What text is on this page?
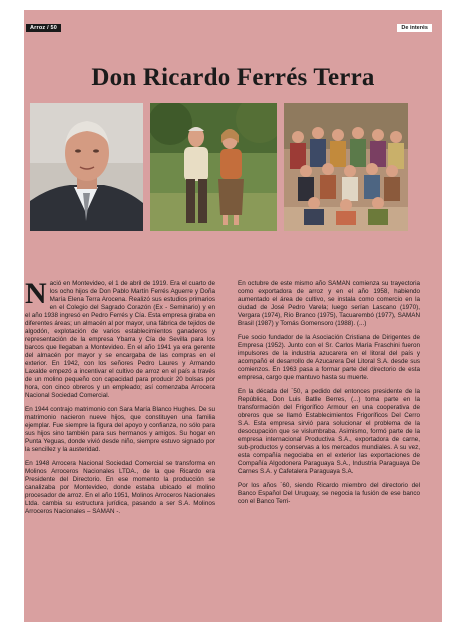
Arroz / 50	De interés
Don Ricardo Ferrés Terra

Nació en Montevideo, el 1 de abril de 1919. Era el cuarto de los ocho hijos de Don Pablo Martín Ferrés Aguerre y Doña María Elena Terra Arocena. Realizó sus estudios primarios en el Colegio del Sagrado Corazón (Ex - Seminario) y en el año 1938 ingresó en Pedro Ferrés y Cía. Esta empresa giraba en diferentes áreas; un almacén al por mayor, una fábrica de tejidos de algodón, explotación de varios establecimientos ganaderos y representación de la empresa Ybarra y Cía de Sevilla para los barcos que llegaban a Montevideo. En el año 1941 ya era gerente del almacén por mayor y se encargaba de las compras en el exterior. En 1942, con los señores Pedro Laures y Armando Laxalde empezó a incentivar el cultivo de arroz en el país a través de un molino pequeño con capacidad para producir 20 bolsas por hora, con cinco obreros y un empleado; así comenzaba Arrocera Nacional Sociedad Comercial.

En 1944 contrajo matrimonio con Sara María Blanco Hughes. De su matrimonio nacieron nueve hijos, que constituyen una familia ejemplar. Fue siempre la figura del apoyo y confianza, no sólo para sus hijos sino también para sus hermanos y amigos. Su hogar en Punta Yeguas, donde vivió desde niño, siempre estuvo signado por la sencillez y la austeridad.

En 1948 Arrocera Nacional Sociedad Comercial se transforma en Molinos Arroceros Nacionales LTDA., de la que Ricardo era Presidente del Directorio. En ese momento la producción se canalizaba por Montevideo, donde estaba ubicado el molino procesador de arroz. En el año 1951, Molinos Arroceros Nacionales Ltda. cambia su estructura jurídica, pasando a ser S.A. Molinos Arroceros Nacionales – SAMAN -.

En octubre de este mismo año SAMAN comienza su trayectoria como exportadora de arroz y en el año 1958, habiendo aumentado el área de cultivo, se instala como comercio en la ciudad de José Pedro Varela; luego serían Lascano (1970), Vergara (1974), Río Branco (1975), Tacuarembó (1977), SAMAN Brasil (1987) y Tomás Gomensoro (1988). (...)

Fue socio fundador de la Asociación Cristiana de Dirigentes de Empresa (1952). Junto con el Sr. Carlos María Fraschini fueron impulsores de la industria azucarera en el litoral del país y acompañó el desarrollo de Azucarera Del Litoral S.A. desde sus comienzos. En 1963 pasa a formar parte del directorio de esta empresa, cargo que mantuvo hasta su muerte.

En la década del ´50, a pedido del entonces presidente de la República, Don Luis Batlle Berres, (...) toma parte en la transformación del Frigorífico Armour en una cooperativa de obreros que se llamó Establecimientos Frigoríficos Del Cerro S.A. Esta empresa sirvió para solucionar el problema de la desocupación que se vislumbraba. Asimismo, formó parte de la empresa internacional Productiva S.A., exportadora de carne, sub-productos y conservas a los mercados mundiales. A su vez, esta compañía negociaba en el exterior las exportaciones de Compañía Algodonera Paraguaya S.A., Industria Paraguaya De Carnes S.A. y Cafetalera Paraguaya S.A.

Por los años ´60, siendo Ricardo miembro del directorio del Banco Español Del Uruguay, se negocia la fusión de ese banco con el Banco Terri-
